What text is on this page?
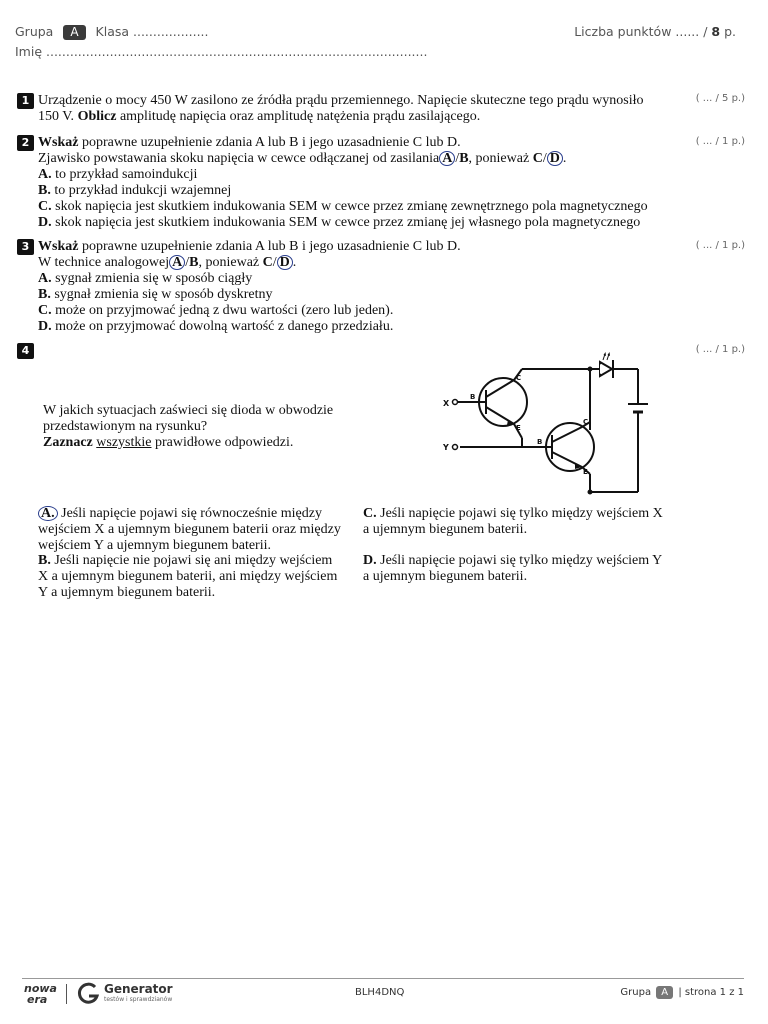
Grupa A Klasa ...................
Imię ................................................................................................
Liczba punktów ...... / 8 p.
1	( ... / 5 p.)
Urządzenie o mocy 450 W zasilono ze źródła prądu przemiennego. Napięcie skuteczne tego prądu wynosiło
150 V. Oblicz amplitudę napięcia oraz amplitudę natężenia prądu zasilającego.
2	( ... / 1 p.)
Wskaż poprawne uzupełnienie zdania A lub B i jego uzasadnienie C lub D.
Zjawisko powstawania skoku napięcia w cewce odłączanej od zasilania A /B, ponieważ C/ D .
A. to przykład samoindukcji
B. to przykład indukcji wzajemnej
C. skok napięcia jest skutkiem indukowania SEM w cewce przez zmianę zewnętrznego pola magnetycznego
D. skok napięcia jest skutkiem indukowania SEM w cewce przez zmianę jej własnego pola magnetycznego
3	( ... / 1 p.)
Wskaż poprawne uzupełnienie zdania A lub B i jego uzasadnienie C lub D.
W technice analogowej A /B, ponieważ C/ D .
A. sygnał zmienia się w sposób ciągły
B. sygnał zmienia się w sposób dyskretny
C. może on przyjmować jedną z dwu wartości (zero lub jeden).
D. może on przyjmować dowolną wartość z danego przedziału.
4	( ... / 1 p.)
W jakich sytuacjach zaświeci się dioda w obwodzie
przedstawionym na rysunku?
Zaznacz wszystkie prawidłowe odpowiedzi.
X
Y
B
C
E
B
C
E
A. Jeśli napięcie pojawi się równocześnie między
wejściem X a ujemnym biegunem baterii oraz między
wejściem Y a ujemnym biegunem baterii.
B. Jeśli napięcie nie pojawi się ani między wejściem
X a ujemnym biegunem baterii, ani między wejściem
Y a ujemnym biegunem baterii.
C. Jeśli napięcie pojawi się tylko między wejściem X
a ujemnym biegunem baterii.
D. Jeśli napięcie pojawi się tylko między wejściem Y
a ujemnym biegunem baterii.
nowa
era
Generator
testów i sprawdzianów
BLH4DNQ	Grupa A | strona 1 z 1
